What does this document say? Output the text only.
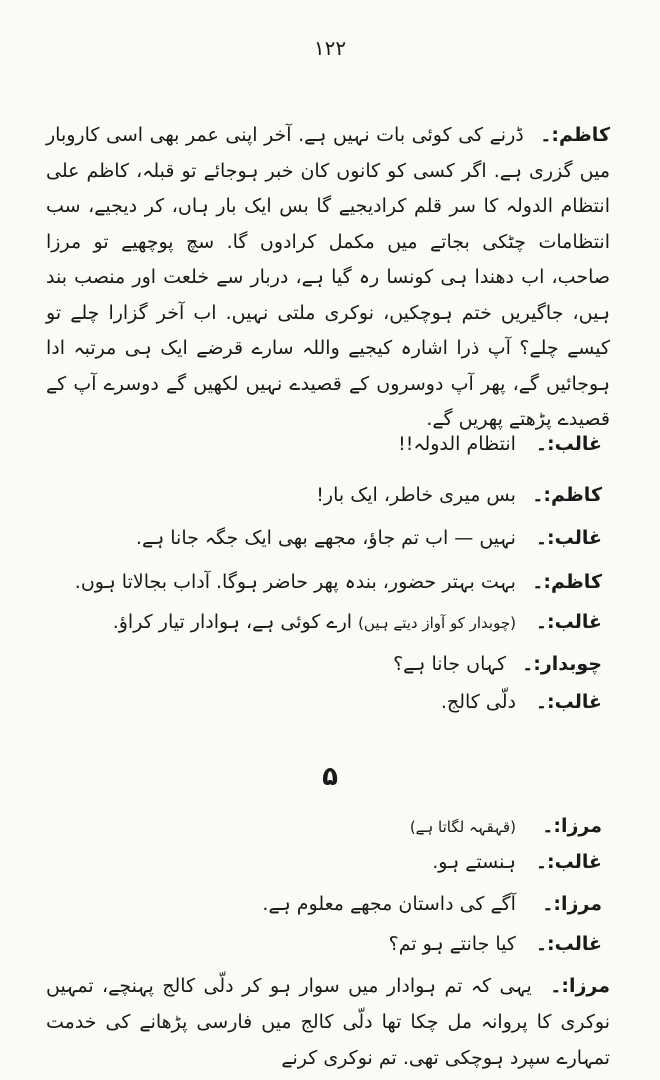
۱۲۲
کاظم:۔ ڈرنے کی کوئی بات نہیں ہے. آخر اپنی عمر بھی اسی کاروبار میں گزری ہے. اگر کسی کو کانوں کان خبر ہوجائے تو قبلہ، کاظم علی انتظام الدولہ کا سر قلم کرادیجیے گا بس ایک بار ہاں، کر دیجیے، سب انتظامات چٹکی بجاتے میں مکمل کرادوں گا. سچ پوچھیے تو مرزا صاحب، اب دھندا ہی کونسا رہ گیا ہے، دربار سے خلعت اور منصب بند ہیں، جاگیریں ختم ہوچکیں، نوکری ملتی نہیں. اب آخر گزارا چلے تو کیسے چلے؟ آپ ذرا اشارہ کیجیے واللہ سارے قرضے ایک ہی مرتبہ ادا ہوجائیں گے، پھر آپ دوسروں کے قصیدے نہیں لکھیں گے دوسرے آپ کے قصیدے پڑھتے پھریں گے.
غالب:۔ انتظام الدولہ!!
کاظم:۔ بس میری خاطر، ایک بار!
غالب:۔ نہیں — اب تم جاؤ، مجھے بھی ایک جگہ جانا ہے.
کاظم:۔ بہت بہتر حضور، بندہ پھر حاضر ہوگا. آداب بجالاتا ہوں.
غالب:۔ (چوبدار کو آواز دیتے ہیں) ارے کوئی ہے، ہوادار تیار کراؤ.
چوبدار:۔ کہاں جانا ہے؟
غالب:۔ دلّی کالج.
۵
مرزا:۔ (قہقہہ لگاتا ہے)
غالب:۔ ہنستے ہو.
مرزا:۔ آگے کی داستان مجھے معلوم ہے.
غالب:۔ کیا جانتے ہو تم؟
مرزا:۔ یہی کہ تم ہوادار میں سوار ہو کر دلّی کالج پہنچے، تمہیں نوکری کا پروانہ مل چکا تھا دلّی کالج میں فارسی پڑھانے کی خدمت تمہارے سپرد ہوچکی تھی. تم نوکری کرنے
